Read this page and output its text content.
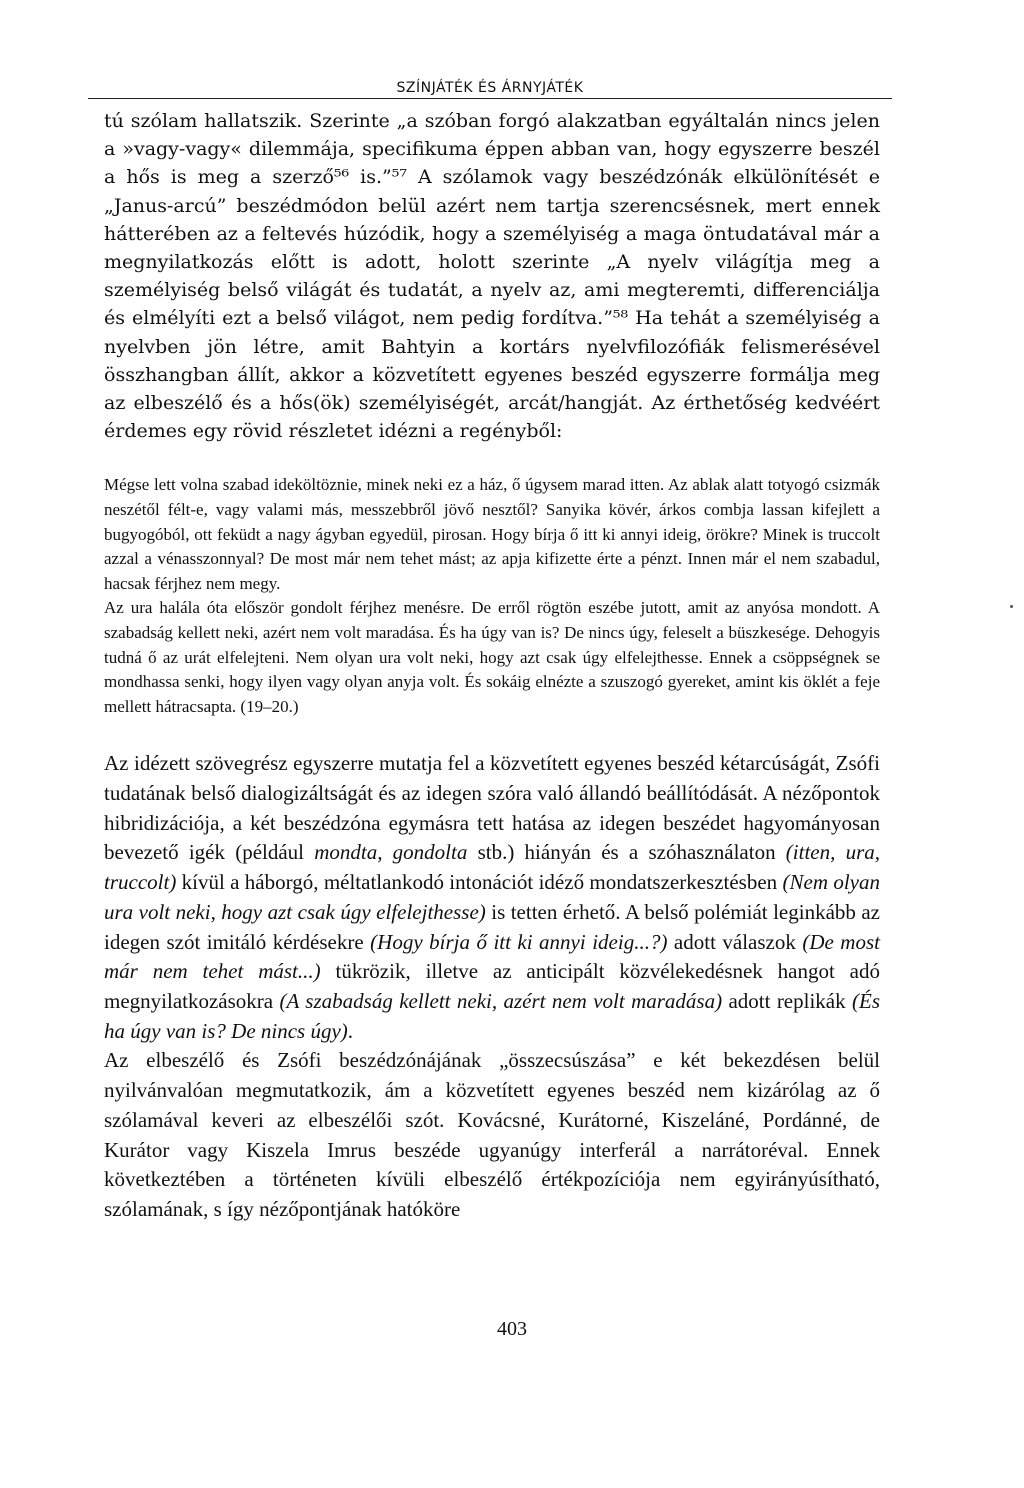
SZÍNJÁTÉK ÉS ÁRNYJÁTÉK

tú szólam hallatszik. Szerinte „a szóban forgó alakzatban egyáltalán nincs jelen a »vagy-vagy« dilemmája, specifikuma éppen abban van, hogy egyszerre beszél a hős is meg a szerző⁵⁶ is.”⁵⁷ A szólamok vagy beszédzónák elkülönítését e „Janus-arcú” beszédmódon belül azért nem tartja szerencsésnek, mert ennek hátterében az a feltevés húzódik, hogy a személyiség a maga öntudatával már a megnyilatkozás előtt is adott, holott szerinte „A nyelv világítja meg a személyiség belső világát és tudatát, a nyelv az, ami megteremti, differenciálja és elmélyíti ezt a belső világot, nem pedig fordítva.”⁵⁸ Ha tehát a személyiség a nyelvben jön létre, amit Bahtyin a kortárs nyelvfilozófiák felismerésével összhangban állít, akkor a közvetített egyenes beszéd egyszerre formálja meg az elbeszélő és a hős(ök) személyiségét, arcát/hangját. Az érthetőség kedvéért érdemes egy rövid részletet idézni a regényből:

Mégse lett volna szabad ideköltöznie, minek neki ez a ház, ő úgysem marad itten. Az ablak alatt totyogó csizmák neszétől félt-e, vagy valami más, messzebbről jövő nesztől? Sanyika kövér, árkos combja lassan kifejlett a bugyogóból, ott feküdt a nagy ágyban egyedül, pirosan. Hogy bírja ő itt ki annyi ideig, örökre? Minek is truccolt azzal a vénasszonnyal? De most már nem tehet mást; az apja kifizette érte a pénzt. Innen már el nem szabadul, hacsak férjhez nem megy.

Az ura halála óta először gondolt férjhez menésre. De erről rögtön eszébe jutott, amit az anyósa mondott. A szabadság kellett neki, azért nem volt maradása. És ha úgy van is? De nincs úgy, feleselt a büszkesége. Dehogyis tudná ő az urát elfelejteni. Nem olyan ura volt neki, hogy azt csak úgy elfelejthesse. Ennek a csöppségnek se mondhassa senki, hogy ilyen vagy olyan anyja volt. És sokáig elnézte a szuszogó gyereket, amint kis öklét a feje mellett hátracsapta. (19–20.)

Az idézett szövegrész egyszerre mutatja fel a közvetített egyenes beszéd kétarcúságát, Zsófi tudatának belső dialogizáltságát és az idegen szóra való állandó beállítódását. A nézőpontok hibridizációja, a két beszédzóna egymásra tett hatása az idegen beszédet hagyományosan bevezető igék (például mondta, gondolta stb.) hiányán és a szóhasználaton (itten, ura, truccolt) kívül a háborgó, méltatlankodó intonációt idéző mondatszerkesztésben (Nem olyan ura volt neki, hogy azt csak úgy elfelejthesse) is tetten érhető. A belső polémiát leginkább az idegen szót imitáló kérdésekre (Hogy bírja ő itt ki annyi ideig...?) adott válaszok (De most már nem tehet mást...) tükrözik, illetve az anticipált közvélekedésnek hangot adó megnyilatkozásokra (A szabadság kellett neki, azért nem volt maradása) adott replikák (És ha úgy van is? De nincs úgy).

Az elbeszélő és Zsófi beszédzónájának „összecsúszása” e két bekezdésen belül nyilvánvalóan megmutatkozik, ám a közvetített egyenes beszéd nem kizárólag az ő szólamával keveri az elbeszélői szót. Kovácsné, Kurátorné, Kiszeláné, Pordánné, de Kurátor vagy Kiszela Imrus beszéde ugyanúgy interferál a narrátoréval. Ennek következtében a történeten kívüli elbeszélő értékpozíciója nem egyirányúsítható, szólamának, s így nézőpontjának hatóköre

403
